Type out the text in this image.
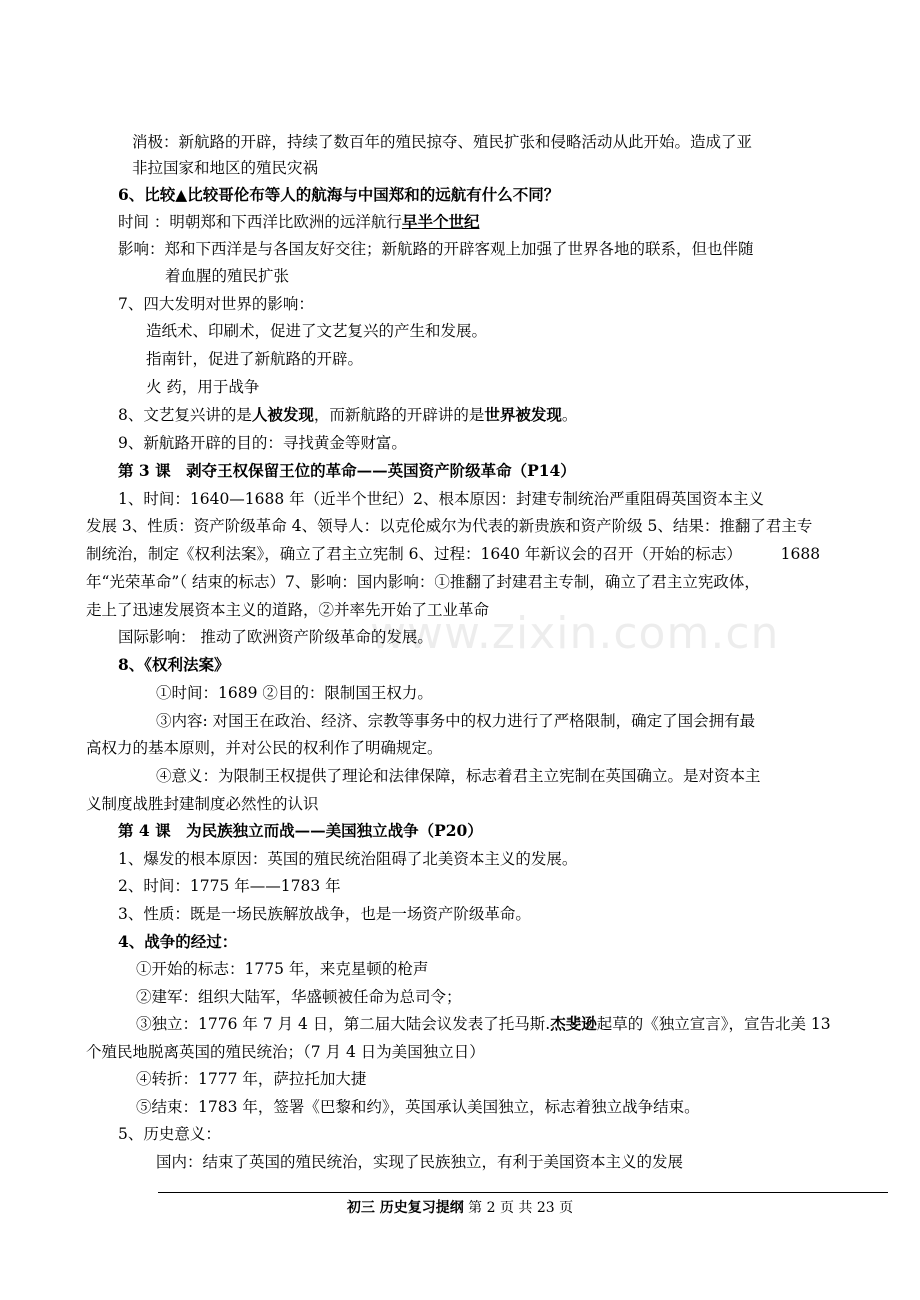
消极：新航路的开辟，持续了数百年的殖民掠夺、殖民扩张和侵略活动从此开始。造成了亚
非拉国家和地区的殖民灾祸
6、比较▲比较哥伦布等人的航海与中国郑和的远航有什么不同？
时间 ：明朝郑和下西洋比欧洲的远洋航行早半个世纪
影响：郑和下西洋是与各国友好交往；新航路的开辟客观上加强了世界各地的联系，但也伴随
着血腥的殖民扩张
7、四大发明对世界的影响：
造纸术、印刷术，促进了文艺复兴的产生和发展。
指南针，促进了新航路的开辟。
火 药，用于战争
8、文艺复兴讲的是人被发现，而新航路的开辟讲的是世界被发现。
9、新航路开辟的目的：寻找黄金等财富。
第 3 课　剥夺王权保留王位的革命——英国资产阶级革命（P14）
1、时间：1640—1688 年（近半个世纪）2、根本原因：封建专制统治严重阻碍英国资本主义
发展 3、性质：资产阶级革命 4、领导人：以克伦威尔为代表的新贵族和资产阶级 5、结果：推翻了君主专
制统治，制定《权利法案》，确立了君主立宪制 6、过程：1640 年新议会的召开（开始的标志）　　　1688
年“光荣革命”（ 结束的标志）7、影响：国内影响：①推翻了封建君主专制，确立了君主立宪政体，
走上了迅速发展资本主义的道路，②并率先开始了工业革命
国际影响： 推动了欧洲资产阶级革命的发展。
8、《权利法案》
①时间：1689 ②目的：限制国王权力。
③内容: 对国王在政治、经济、宗教等事务中的权力进行了严格限制，确定了国会拥有最
高权力的基本原则，并对公民的权利作了明确规定。
④意义：为限制王权提供了理论和法律保障，标志着君主立宪制在英国确立。是对资本主
义制度战胜封建制度必然性的认识
第 4 课　为民族独立而战——美国独立战争（P20）
1、爆发的根本原因：英国的殖民统治阻碍了北美资本主义的发展。
2、时间：1775 年——1783 年
3、性质：既是一场民族解放战争，也是一场资产阶级革命。
4、战争的经过：
①开始的标志：1775 年，来克星顿的枪声
②建军：组织大陆军，华盛顿被任命为总司令；
③独立：1776 年 7 月 4 日，第二届大陆会议发表了托马斯.杰斐逊起草的《独立宣言》，宣告北美 13
个殖民地脱离英国的殖民统治；（7 月 4 日为美国独立日）
④转折：1777 年，萨拉托加大捷
⑤结束：1783 年，签署《巴黎和约》，英国承认美国独立，标志着独立战争结束。
5、历史意义：
国内：结束了英国的殖民统治，实现了民族独立，有利于美国资本主义的发展
www.zixin.com.cn
初三 历史复习提纲 第 2 页 共 23 页
